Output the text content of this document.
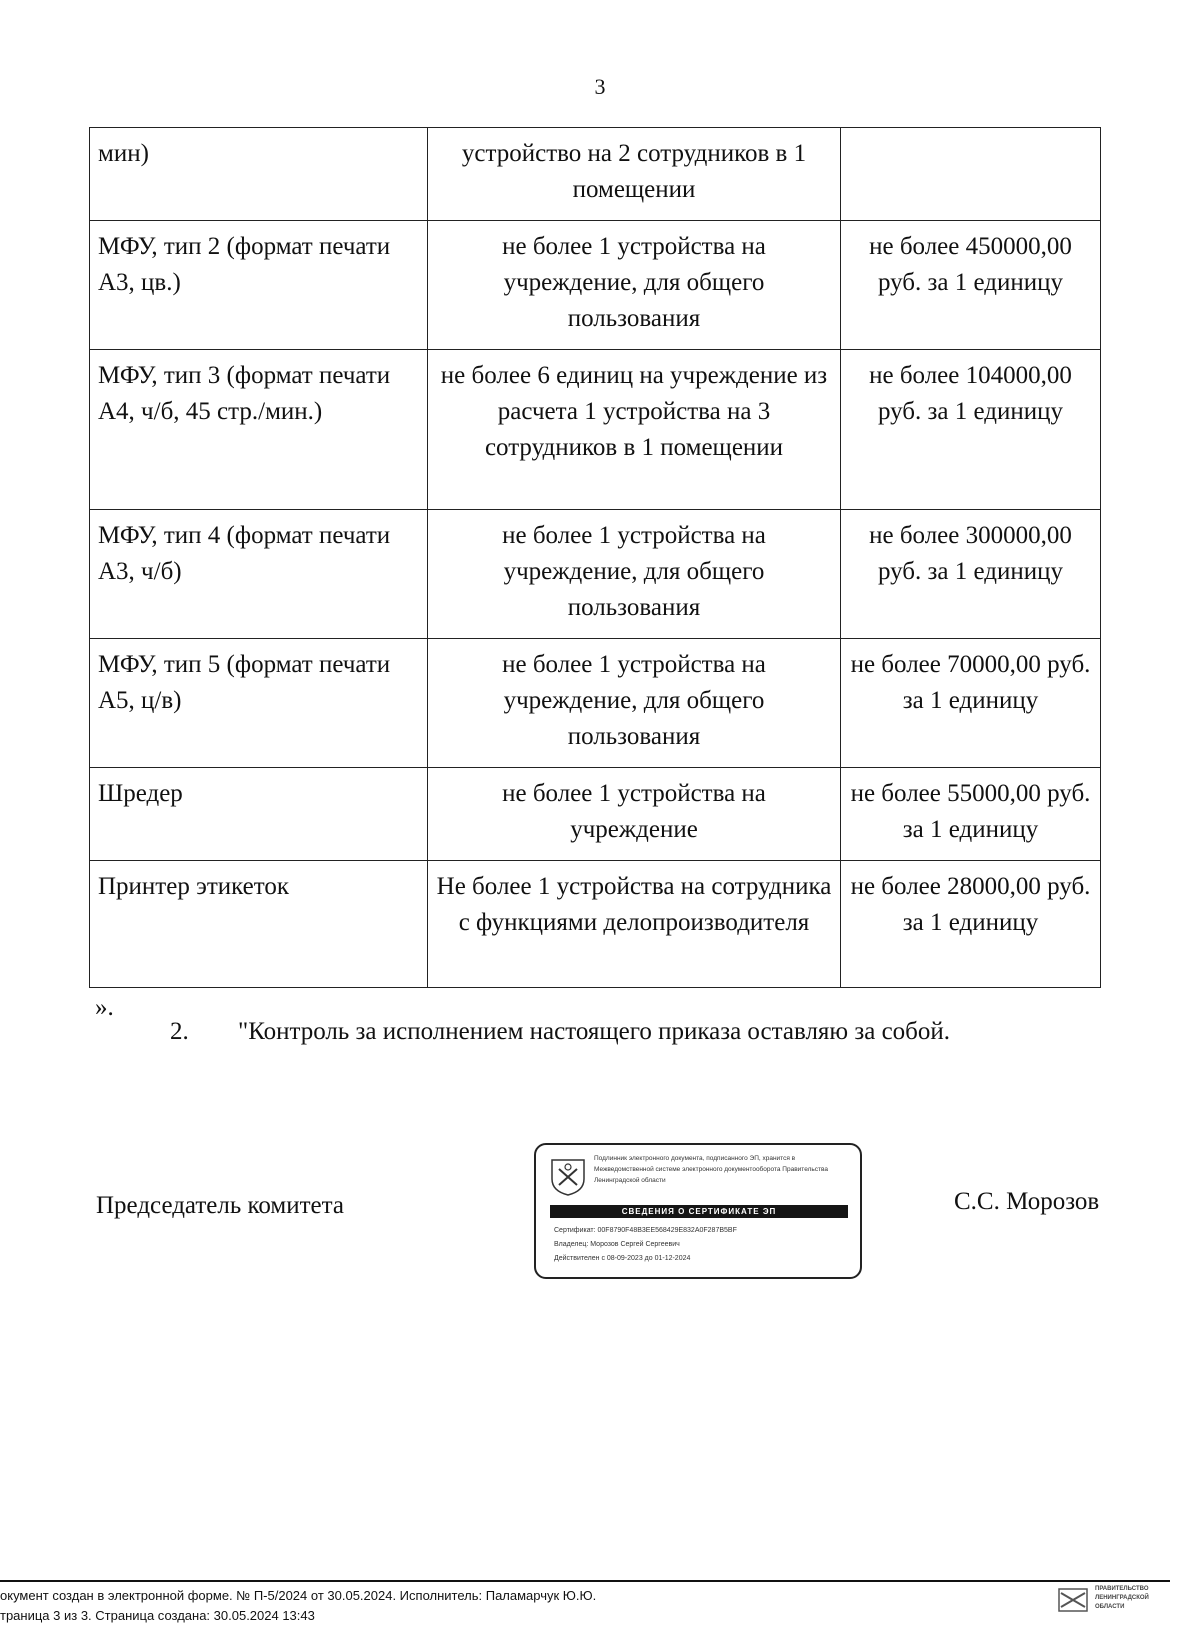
3
мин)	устройство на 2 сотрудников в 1 помещении	
МФУ, тип 2 (формат печати А3, цв.)	не более 1 устройства на учреждение, для общего пользования	не более 450000,00 руб. за 1 единицу
МФУ, тип 3 (формат печати А4, ч/б, 45 стр./мин.)	не более 6 единиц на учреждение из расчета 1 устройства на 3 сотрудников в 1 помещении	не более 104000,00 руб. за 1 единицу
МФУ, тип 4 (формат печати А3, ч/б)	не более 1 устройства на учреждение, для общего пользования	не более 300000,00 руб. за 1 единицу
МФУ, тип 5 (формат печати А5, ц/в)	не более 1 устройства на учреждение, для общего пользования	не более 70000,00 руб. за 1 единицу
Шредер	не более 1 устройства на учреждение	не более 55000,00 руб. за 1 единицу
Принтер этикеток	Не более 1 устройства на сотрудника с функциями делопроизводителя	не более 28000,00 руб. за 1 единицу
».
2. "Контроль за исполнением настоящего приказа оставляю за собой.
Председатель комитета
Подлинник электронного документа, подписанного ЭП, хранится в Межведомственной системе электронного документооборота Правительства Ленинградской области
СВЕДЕНИЯ О СЕРТИФИКАТЕ ЭП
Сертификат: 00F8790F48B3EE568429E832A0F287B5BF
Владелец: Морозов Сергей Сергеевич
Действителен с 08-09-2023 до 01-12-2024
С.С. Морозов
окумент создан в электронной форме. № П-5/2024 от 30.05.2024. Исполнитель: Паламарчук Ю.Ю.
траница 3 из 3. Страница создана: 30.05.2024 13:43
ПРАВИТЕЛЬСТВО ЛЕНИНГРАДСКОЙ ОБЛАСТИ
